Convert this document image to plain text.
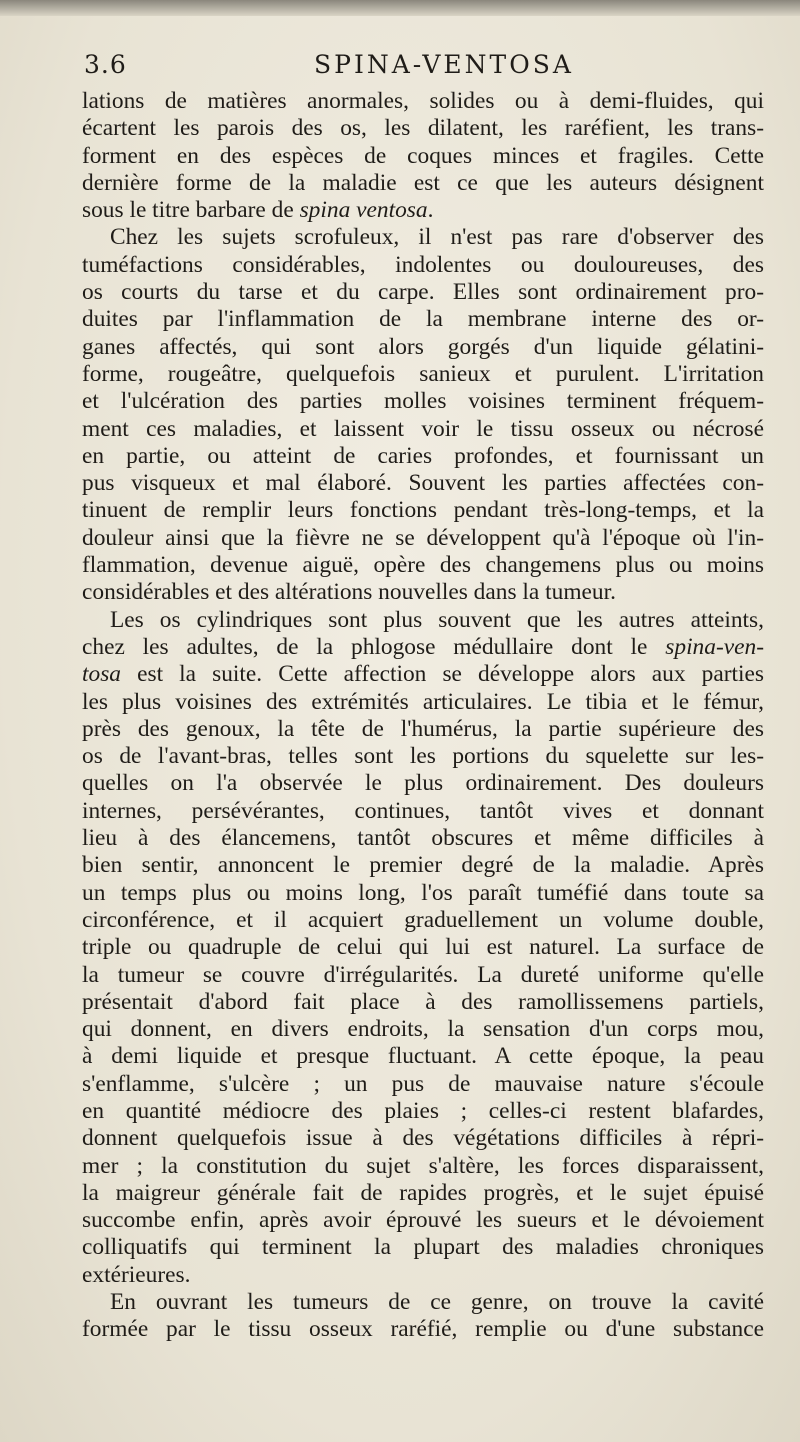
3.6	SPINA-VENTOSA
lations de matières anormales, solides ou à demi-fluides, qui
écartent les parois des os, les dilatent, les raréfient, les trans-
forment en des espèces de coques minces et fragiles. Cette
dernière forme de la maladie est ce que les auteurs désignent
sous le titre barbare de spina ventosa.
Chez les sujets scrofuleux, il n'est pas rare d'observer des
tuméfactions considérables, indolentes ou douloureuses, des
os courts du tarse et du carpe. Elles sont ordinairement pro-
duites par l'inflammation de la membrane interne des or-
ganes affectés, qui sont alors gorgés d'un liquide gélatini-
forme, rougeâtre, quelquefois sanieux et purulent. L'irritation
et l'ulcération des parties molles voisines terminent fréquem-
ment ces maladies, et laissent voir le tissu osseux ou nécrosé
en partie, ou atteint de caries profondes, et fournissant un
pus visqueux et mal élaboré. Souvent les parties affectées con-
tinuent de remplir leurs fonctions pendant très-long-temps, et la
douleur ainsi que la fièvre ne se développent qu'à l'époque où l'in-
flammation, devenue aiguë, opère des changemens plus ou moins
considérables et des altérations nouvelles dans la tumeur.
Les os cylindriques sont plus souvent que les autres atteints,
chez les adultes, de la phlogose médullaire dont le spina-ven-
tosa est la suite. Cette affection se développe alors aux parties
les plus voisines des extrémités articulaires. Le tibia et le fémur,
près des genoux, la tête de l'humérus, la partie supérieure des
os de l'avant-bras, telles sont les portions du squelette sur les-
quelles on l'a observée le plus ordinairement. Des douleurs
internes, persévérantes, continues, tantôt vives et donnant
lieu à des élancemens, tantôt obscures et même difficiles à
bien sentir, annoncent le premier degré de la maladie. Après
un temps plus ou moins long, l'os paraît tuméfié dans toute sa
circonférence, et il acquiert graduellement un volume double,
triple ou quadruple de celui qui lui est naturel. La surface de
la tumeur se couvre d'irrégularités. La dureté uniforme qu'elle
présentait d'abord fait place à des ramollissemens partiels,
qui donnent, en divers endroits, la sensation d'un corps mou,
à demi liquide et presque fluctuant. A cette époque, la peau
s'enflamme, s'ulcère ; un pus de mauvaise nature s'écoule
en quantité médiocre des plaies ; celles-ci restent blafardes,
donnent quelquefois issue à des végétations difficiles à répri-
mer ; la constitution du sujet s'altère, les forces disparaissent,
la maigreur générale fait de rapides progrès, et le sujet épuisé
succombe enfin, après avoir éprouvé les sueurs et le dévoiement
colliquatifs qui terminent la plupart des maladies chroniques
extérieures.
En ouvrant les tumeurs de ce genre, on trouve la cavité
formée par le tissu osseux raréfié, remplie ou d'une substance
